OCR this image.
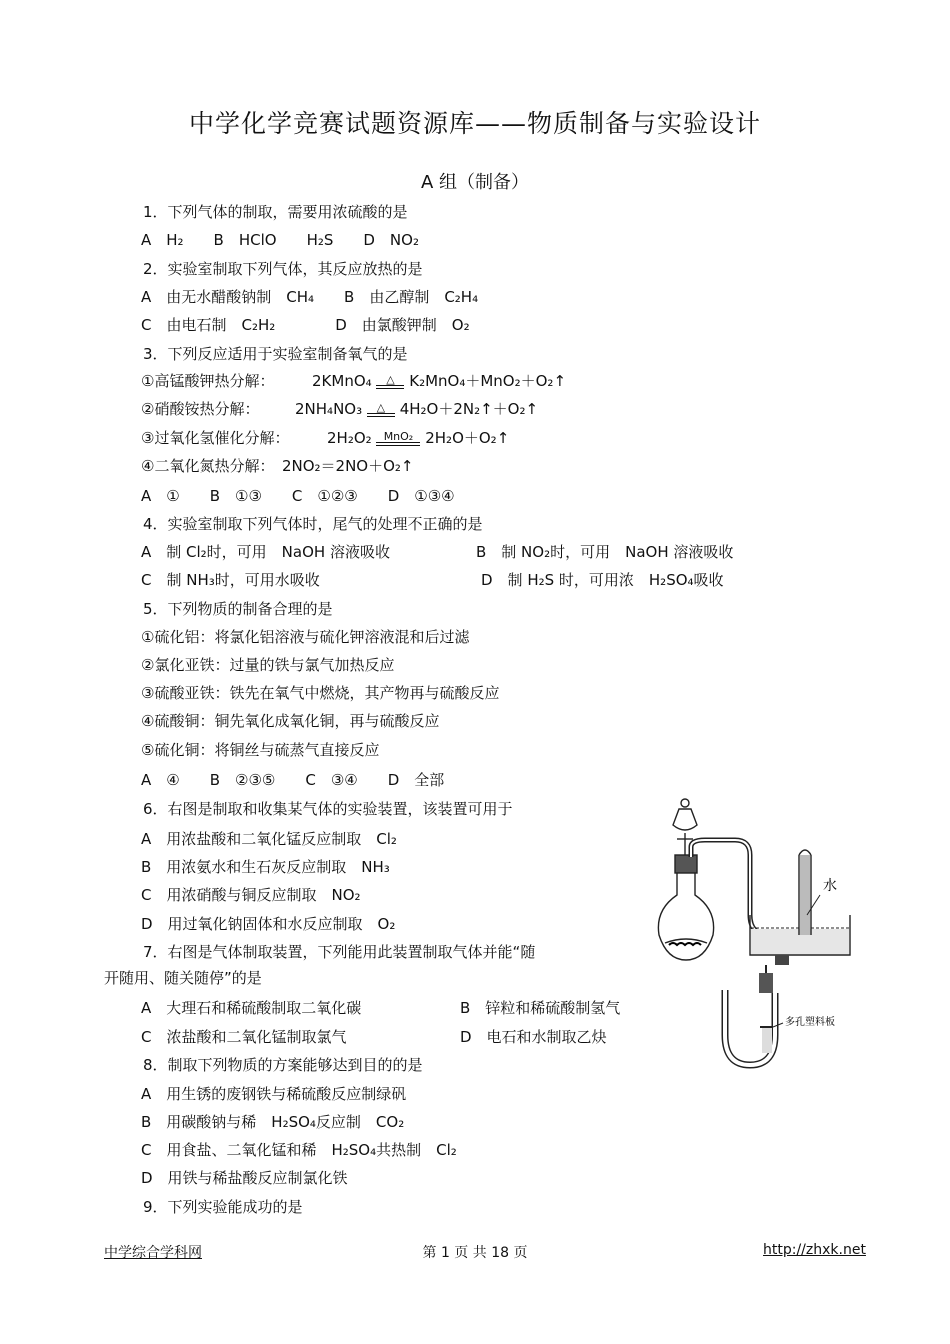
中学化学竞赛试题资源库——物质制备与实验设计
A 组（制备）
1．下列气体的制取，需要用浓硫酸的是
A　H₂　　B　HClO　　H₂S　　D　NO₂
2．实验室制取下列气体，其反应放热的是
A　由无水醋酸钠制　CH₄　　B　由乙醇制　C₂H₄
C　由电石制　C₂H₂　　　　D　由氯酸钾制　O₂
3．下列反应适用于实验室制备氧气的是
①高锰酸钾热分解：	2KMnO₄	△ K₂MnO₄＋MnO₂＋O₂↑
②硝酸铵热分解： 2NH₄NO₃	△ 4H₂O＋2N₂↑＋O₂↑
③过氧化氢催化分解：	2H₂O₂	MnO₂ 2H₂O＋O₂↑
④二氧化氮热分解：　2NO₂＝2NO＋O₂↑
A　①　　B　①③　　C　①②③　　D　①③④
4．实验室制取下列气体时，尾气的处理不正确的是
A　制 Cl₂时，可用　NaOH 溶液吸收	B　制 NO₂时，可用　NaOH 溶液吸收
C　制 NH₃时，可用水吸收	D　制 H₂S 时，可用浓　H₂SO₄吸收
5．下列物质的制备合理的是
①硫化铝：将氯化铝溶液与硫化钾溶液混和后过滤
②氯化亚铁：过量的铁与氯气加热反应
③硫酸亚铁：铁先在氧气中燃烧，其产物再与硫酸反应
④硫酸铜：铜先氧化成氧化铜，再与硫酸反应
⑤硫化铜：将铜丝与硫蒸气直接反应
A　④　　B　②③⑤　　C　③④　　D　全部
6．右图是制取和收集某气体的实验装置，该装置可用于
A　用浓盐酸和二氧化锰反应制取　Cl₂
B　用浓氨水和生石灰反应制取　NH₃
C　用浓硝酸与铜反应制取　NO₂
D　用过氧化钠固体和水反应制取　O₂
7．右图是气体制取装置，下列能用此装置制取气体并能“随
开随用、随关随停”的是
A　大理石和稀硫酸制取二氧化碳	B　锌粒和稀硫酸制氢气
C　浓盐酸和二氧化锰制取氯气	D　电石和水制取乙炔
8．制取下列物质的方案能够达到目的的是
A　用生锈的废钢铁与稀硫酸反应制绿矾
B　用碳酸钠与稀　H₂SO₄反应制　CO₂
C　用食盐、二氧化锰和稀　H₂SO₄共热制　Cl₂
D　用铁与稀盐酸反应制氯化铁
9．下列实验能成功的是
水
多孔塑料板
中学综合学科网	第 1 页 共 18 页	http://zhxk.net
